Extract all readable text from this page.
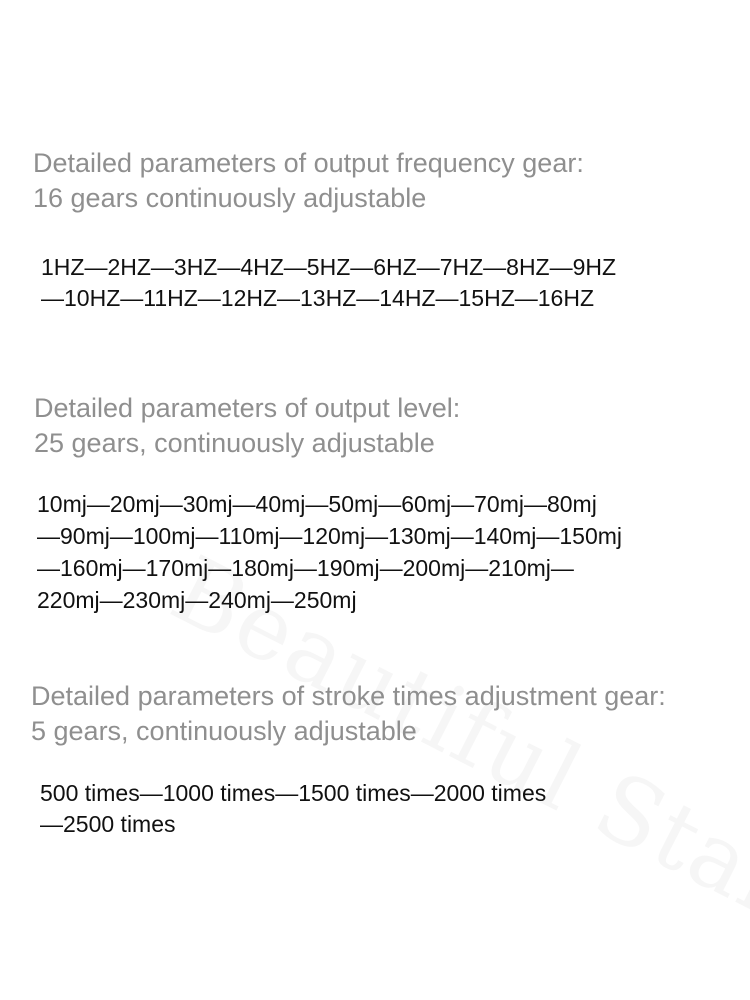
Detailed parameters of output frequency gear:
16 gears continuously adjustable
1HZ—2HZ—3HZ—4HZ—5HZ—6HZ—7HZ—8HZ—9HZ
—10HZ—11HZ—12HZ—13HZ—14HZ—15HZ—16HZ
Detailed parameters of output level:
25 gears, continuously adjustable
10mj—20mj—30mj—40mj—50mj—60mj—70mj—80mj
—90mj—100mj—110mj—120mj—130mj—140mj—150mj
—160mj—170mj—180mj—190mj—200mj—210mj—
220mj—230mj—240mj—250mj
Detailed parameters of stroke times adjustment gear:
5 gears, continuously adjustable
500 times—1000 times—1500 times—2000 times
—2500 times
